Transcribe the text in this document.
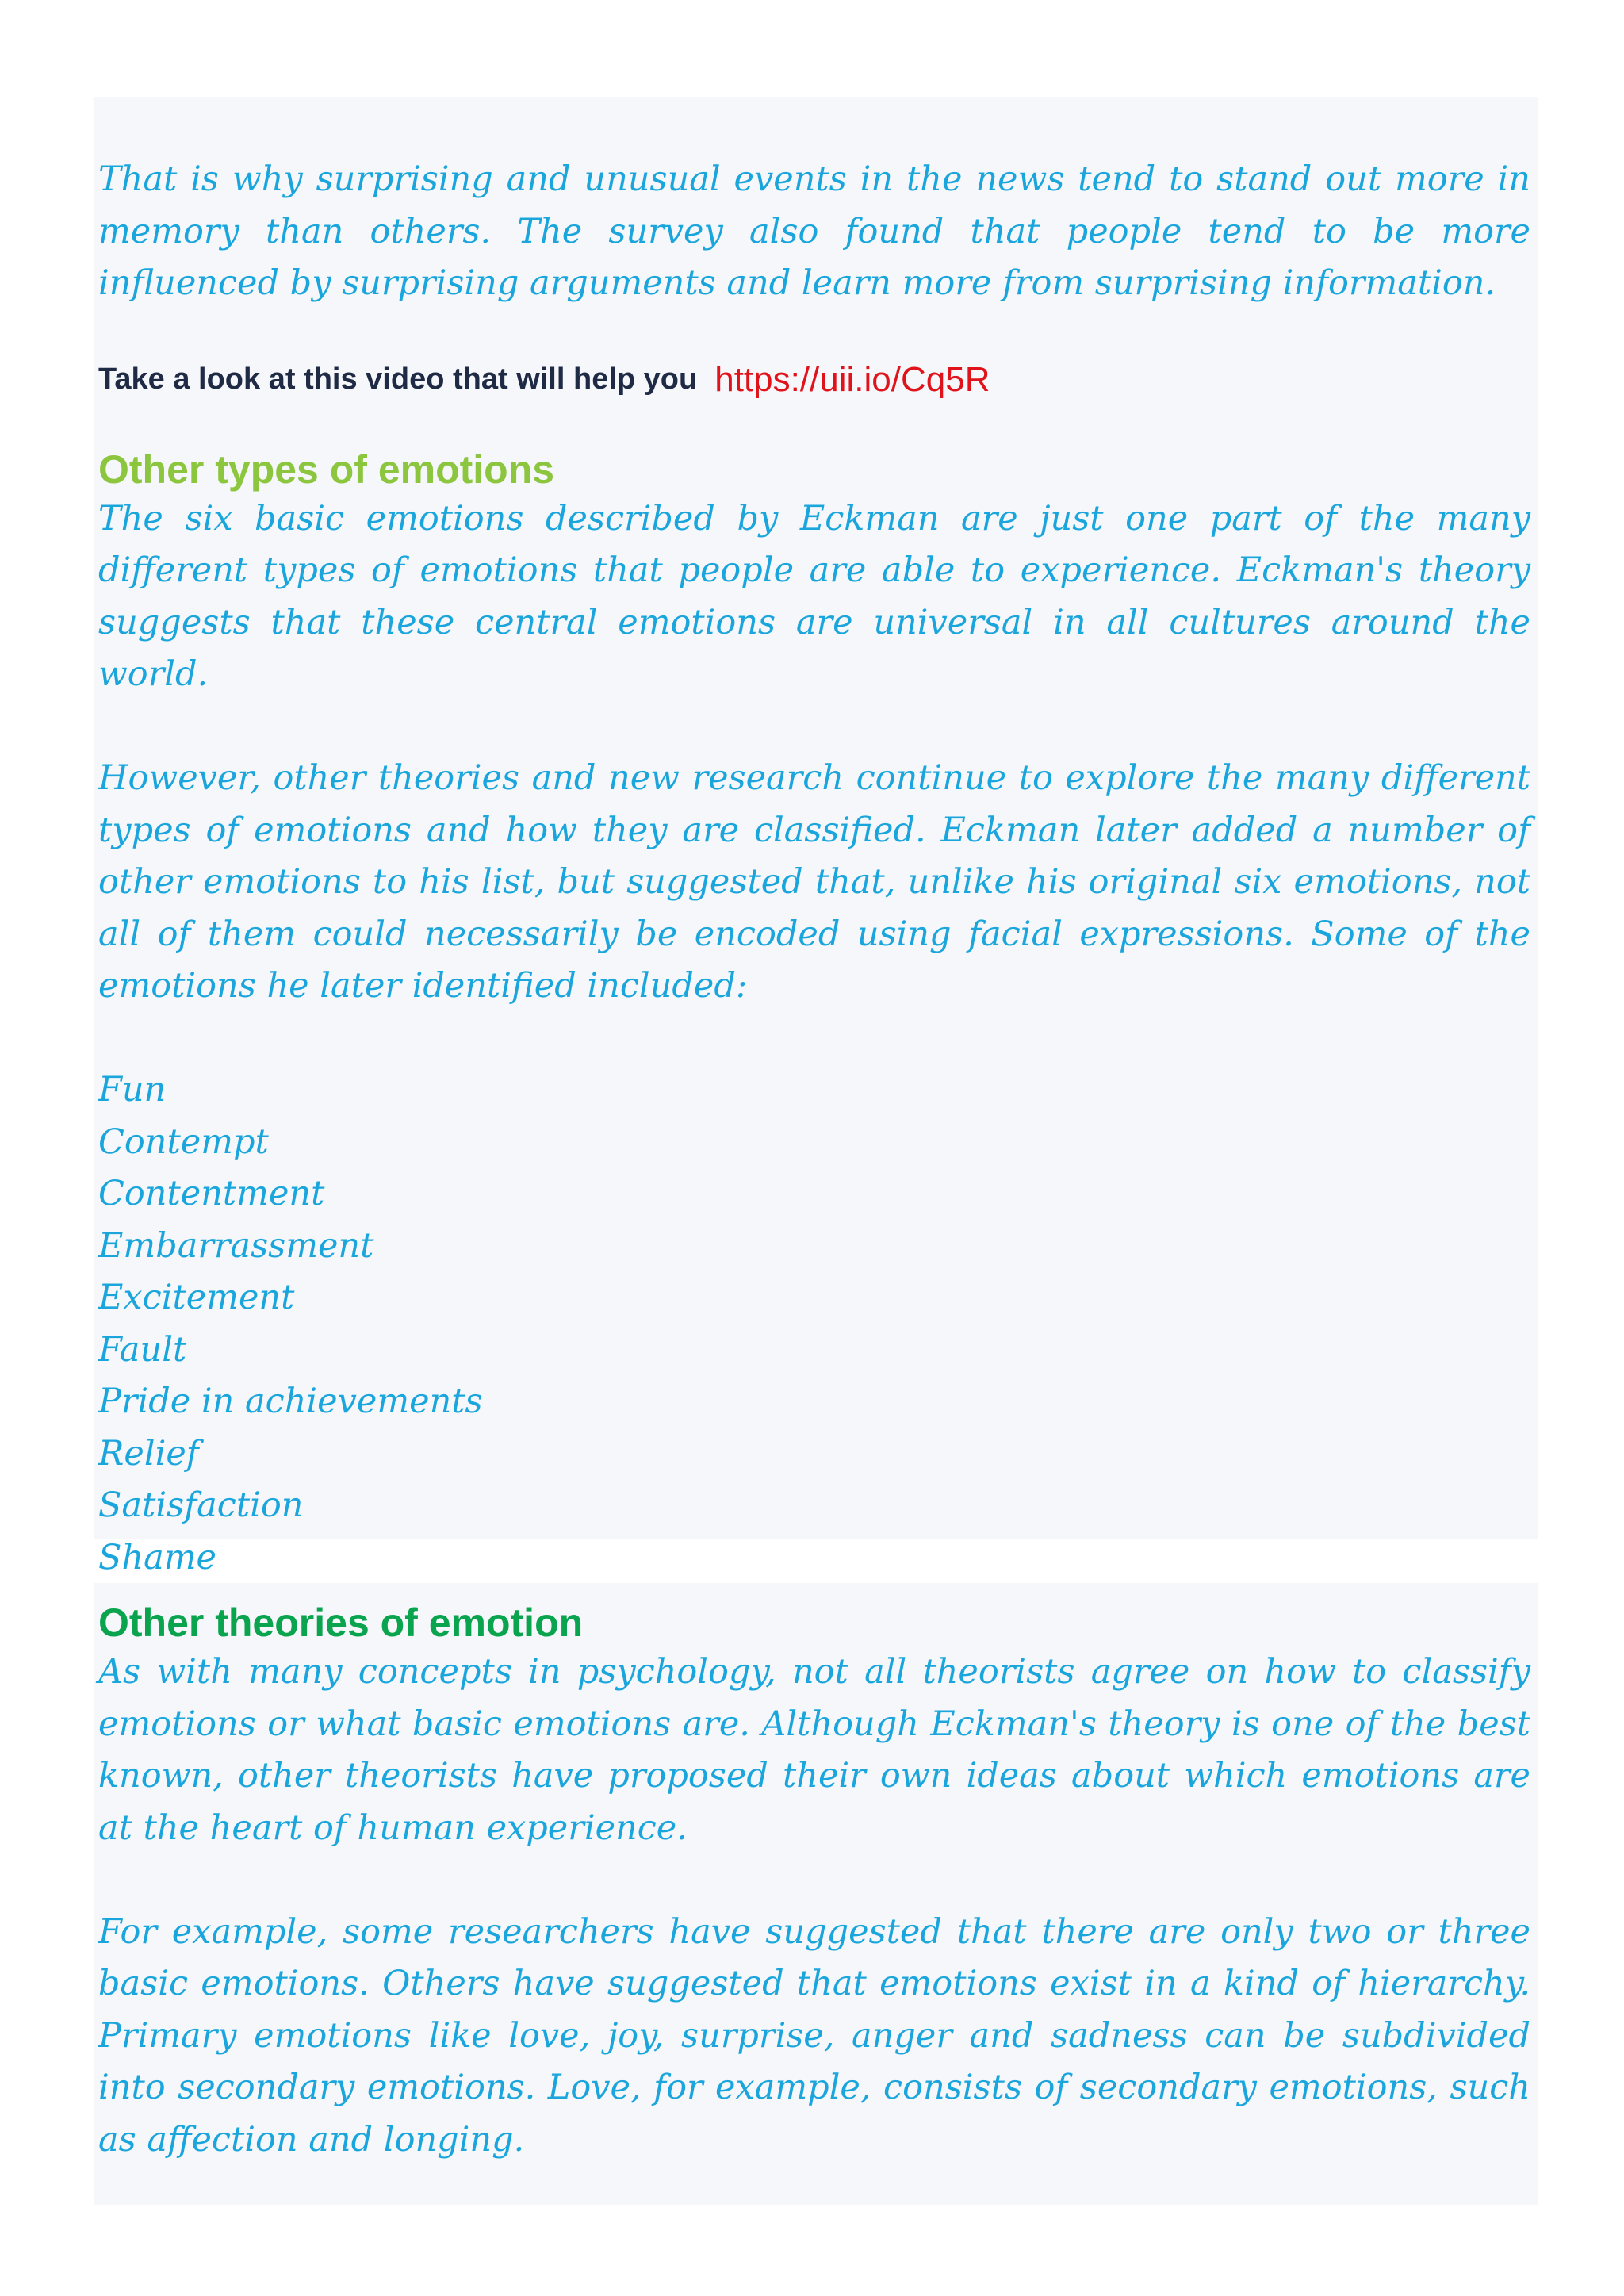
That is why surprising and unusual events in the news tend to stand out more in memory than others. The survey also found that people tend to be more influenced by surprising arguments and learn more from surprising information.

Take a look at this video that will help you https://uii.io/Cq5R

Other types of emotions

The six basic emotions described by Eckman are just one part of the many different types of emotions that people are able to experience. Eckman's theory suggests that these central emotions are universal in all cultures around the world.

However, other theories and new research continue to explore the many different types of emotions and how they are classified. Eckman later added a number of other emotions to his list, but suggested that, unlike his original six emotions, not all of them could necessarily be encoded using facial expressions. Some of the emotions he later identified included:

Fun
Contempt
Contentment
Embarrassment
Excitement
Fault
Pride in achievements
Relief
Satisfaction
Shame
Other theories of emotion

As with many concepts in psychology, not all theorists agree on how to classify emotions or what basic emotions are. Although Eckman's theory is one of the best known, other theorists have proposed their own ideas about which emotions are at the heart of human experience.

For example, some researchers have suggested that there are only two or three basic emotions. Others have suggested that emotions exist in a kind of hierarchy. Primary emotions like love, joy, surprise, anger and sadness can be subdivided into secondary emotions. Love, for example, consists of secondary emotions, such as affection and longing.
